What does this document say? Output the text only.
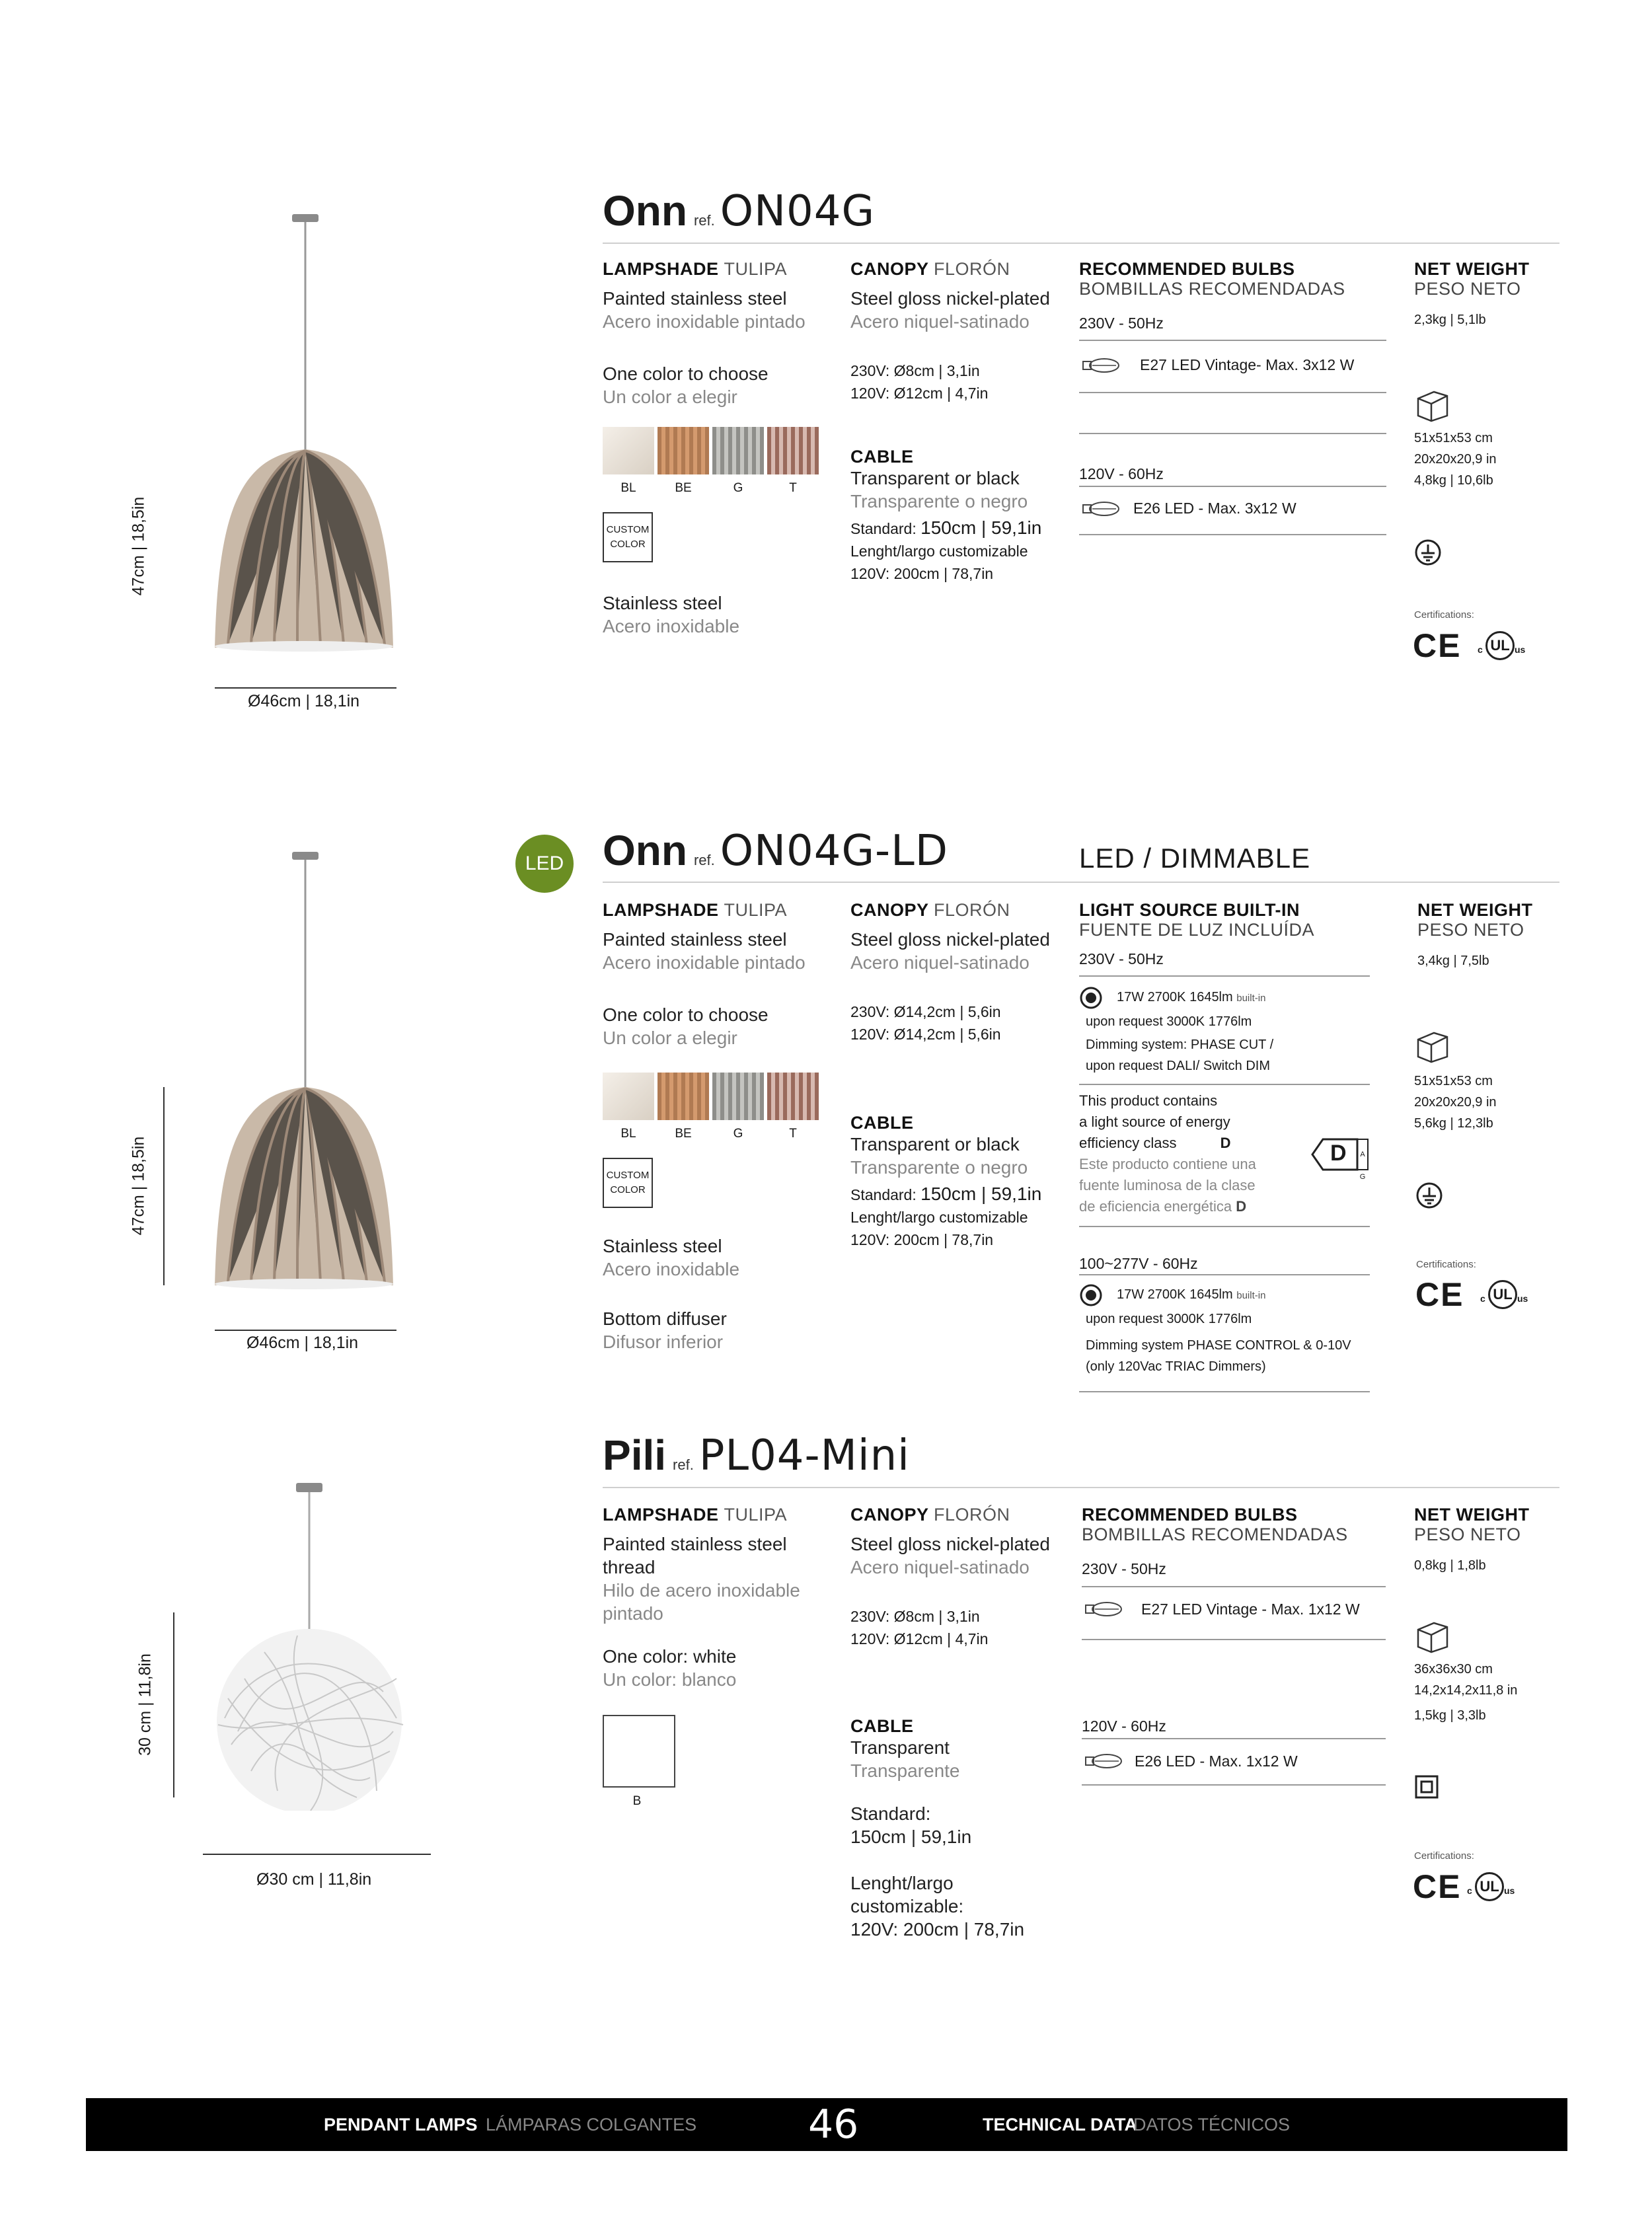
47cm | 18,5in
Ø46cm | 18,1in
Onn ref. ON04G
LAMPSHADE TULIPA
Painted stainless steel
Acero inoxidable pintado
One color to choose
Un color a elegir
BL	BE	G	T
CUSTOM
COLOR
Stainless steel
Acero inoxidable
CANOPY FLORÓN
Steel gloss nickel-plated
Acero niquel-satinado
230V: Ø8cm | 3,1in
120V: Ø12cm | 4,7in
CABLE
Transparent or black
Transparente o negro
Standard: 150cm | 59,1in
Lenght/largo customizable
120V: 200cm | 78,7in
RECOMMENDED BULBS
BOMBILLAS RECOMENDADAS
230V - 50Hz
E27 LED Vintage- Max. 3x12 W
120V - 60Hz
E26 LED - Max. 3x12 W
NET WEIGHT
PESO NETO
2,3kg | 5,1lb
51x51x53 cm
20x20x20,9 in
4,8kg | 10,6lb
Certifications:
CE c UL us
47cm | 18,5in
Ø46cm | 18,1in
LED Onn ref. ON04G-LD	LED / DIMMABLE
LAMPSHADE TULIPA
Painted stainless steel
Acero inoxidable pintado
One color to choose
Un color a elegir
BL	BE	G	T
CUSTOM
COLOR
Stainless steel
Acero inoxidable
Bottom diffuser
Difusor inferior
CANOPY FLORÓN
Steel gloss nickel-plated
Acero niquel-satinado
230V: Ø14,2cm | 5,6in
120V: Ø14,2cm | 5,6in
CABLE
Transparent or black
Transparente o negro
Standard: 150cm | 59,1in
Lenght/largo customizable
120V: 200cm | 78,7in
LIGHT SOURCE BUILT-IN
FUENTE DE LUZ INCLUÍDA
230V - 50Hz
17W 2700K 1645lm built-in
upon request 3000K 1776lm
Dimming system: PHASE CUT /
upon request DALI/ Switch DIM
This product contains
a light source of energy
efficiency class	D
Este producto contiene una
fuente luminosa de la clase
de eficiencia energética D
D	A G
100~277V - 60Hz
17W 2700K 1645lm built-in
upon request 3000K 1776lm
Dimming system PHASE CONTROL & 0-10V
(only 120Vac TRIAC Dimmers)
NET WEIGHT
PESO NETO
3,4kg | 7,5lb
51x51x53 cm
20x20x20,9 in
5,6kg | 12,3lb
Certifications:
CE c UL us
30 cm | 11,8in
Ø30 cm | 11,8in
Pili ref. PL04-Mini
LAMPSHADE TULIPA
Painted stainless steel
thread
Hilo de acero inoxidable
pintado
One color: white
Un color: blanco
B
CANOPY FLORÓN
Steel gloss nickel-plated
Acero niquel-satinado
230V: Ø8cm | 3,1in
120V: Ø12cm | 4,7in
CABLE
Transparent
Transparente
Standard:
150cm | 59,1in
Lenght/largo
customizable:
120V: 200cm | 78,7in
RECOMMENDED BULBS
BOMBILLAS RECOMENDADAS
230V - 50Hz
E27 LED Vintage - Max. 1x12 W
120V - 60Hz
E26 LED - Max. 1x12 W
NET WEIGHT
PESO NETO
0,8kg | 1,8lb
36x36x30 cm
14,2x14,2x11,8 in
1,5kg | 3,3lb
Certifications:
CE c UL us
PENDANT LAMPS LÁMPARAS COLGANTES	46	TECHNICAL DATA
DATOS TÉCNICOS
